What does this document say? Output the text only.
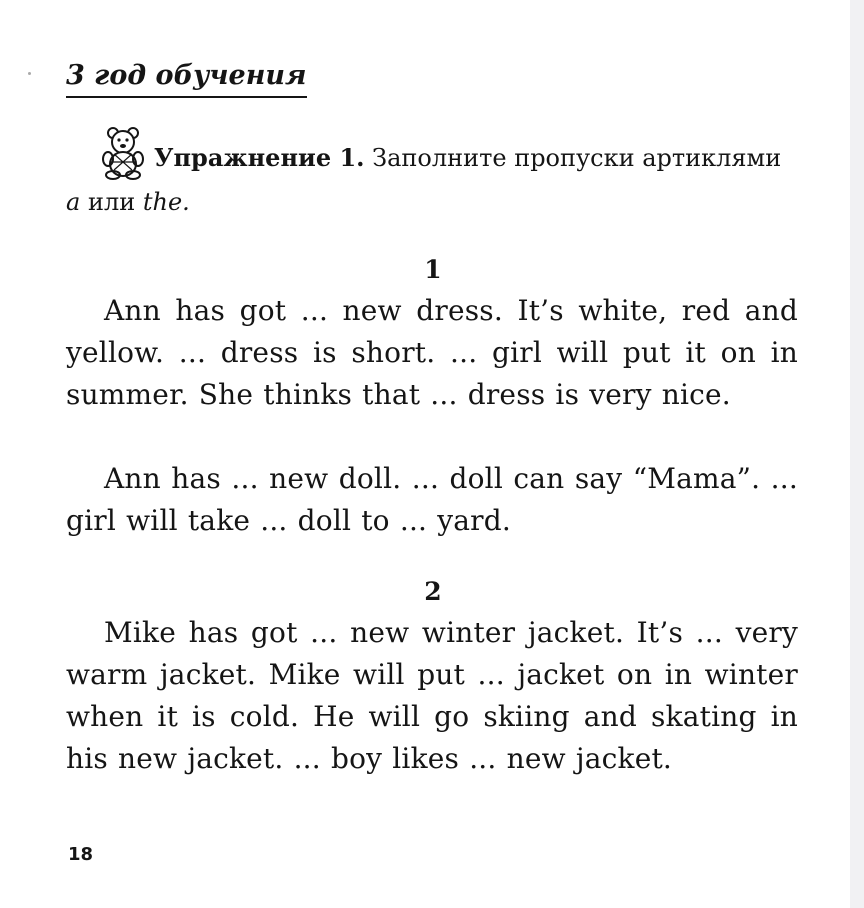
3 год обучения
Упражнение 1. Заполните пропуски артиклями a или the.
1
Ann has got ... new dress. It’s white, red and yellow. ... dress is short. ... girl will put it on in summer. She thinks that ... dress is very nice.
Ann has ... new doll. ... doll can say “Mama”. ... girl will take ... doll to ... yard.
2
Mike has got ... new winter jacket. It’s ... very warm jacket. Mike will put ... jacket on in winter when it is cold. He will go skiing and skating in his new jacket. ... boy likes ... new jacket.
18
